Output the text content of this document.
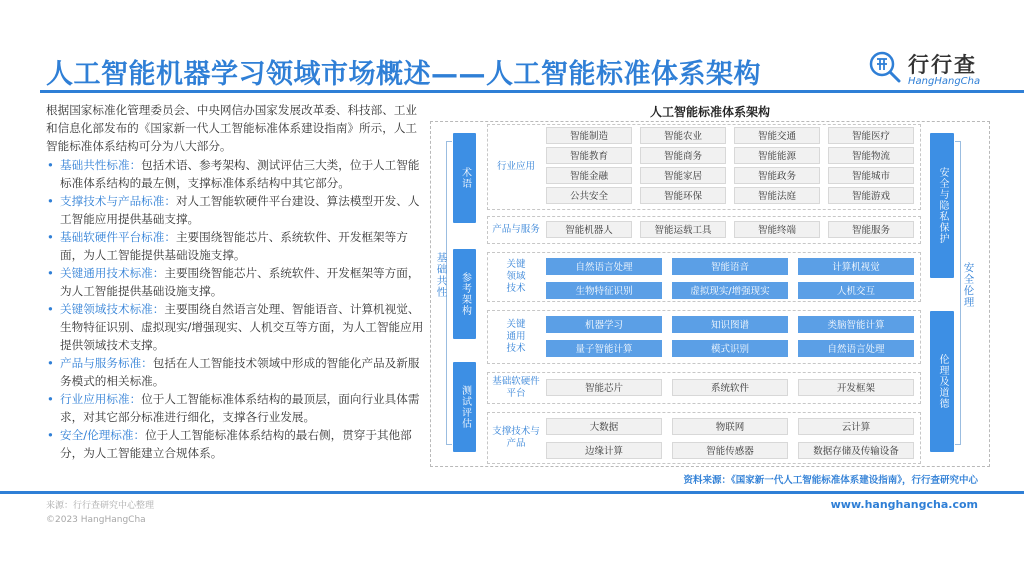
人工智能机器学习领域市场概述——人工智能标准体系架构	行行查
HangHangCha

根据国家标准化管理委员会、中央网信办国家发展改革委、科技部、工业和信息化部发布的《国家新一代人工智能标准体系建设指南》所示，人工智能标准体系结构可分为八大部分。

• 基础共性标准：包括术语、参考架构、测试评估三大类，位于人工智能标准体系结构的最左侧，支撑标准体系结构中其它部分。
• 支撑技术与产品标准：对人工智能软硬件平台建设、算法模型开发、人工智能应用提供基础支撑。
• 基础软硬件平台标准：主要围绕智能芯片、系统软件、开发框架等方面，为人工智能提供基础设施支撑。
• 关键通用技术标准：主要围绕智能芯片、系统软件、开发框架等方面，为人工智能提供基础设施支撑。
• 关键领域技术标准：主要围绕自然语言处理、智能语音、计算机视觉、生物特征识别、虚拟现实/增强现实、人机交互等方面，为人工智能应用提供领域技术支撑。
• 产品与服务标准：包括在人工智能技术领域中形成的智能化产品及新服务模式的相关标准。
• 行业应用标准：位于人工智能标准体系结构的最顶层，面向行业具体需求，对其它部分标准进行细化，支撑各行业发展。
• 安全/伦理标准：位于人工智能标准体系结构的最右侧，贯穿于其他部分，为人工智能建立合规体系。
人工智能标准体系架构
术语
参考架构
测试评估
基础共性
安全与隐私保护
伦理及道德
安全伦理
行业应用
智能制造	智能农业	智能交通	智能医疗
智能教育	智能商务	智能能源	智能物流
智能金融	智能家居	智能政务	智能城市
公共安全	智能环保	智能法庭	智能游戏
产品与服务	智能机器人	智能运载工具	智能终端	智能服务
关键领域技术
自然语言处理	智能语音	计算机视觉
生物特征识别	虚拟现实/增强现实	人机交互
关键通用技术
机器学习	知识图谱	类脑智能计算
量子智能计算	模式识别	自然语言处理
基础软硬件平台	智能芯片	系统软件	开发框架
支撑技术与产品
大数据	物联网	云计算
边缘计算	智能传感器	数据存储及传输设备
资料来源：《国家新一代人工智能标准体系建设指南》，行行查研究中心
来源：行行查研究中心整理
©2023 HangHangCha
www.hanghangcha.com
